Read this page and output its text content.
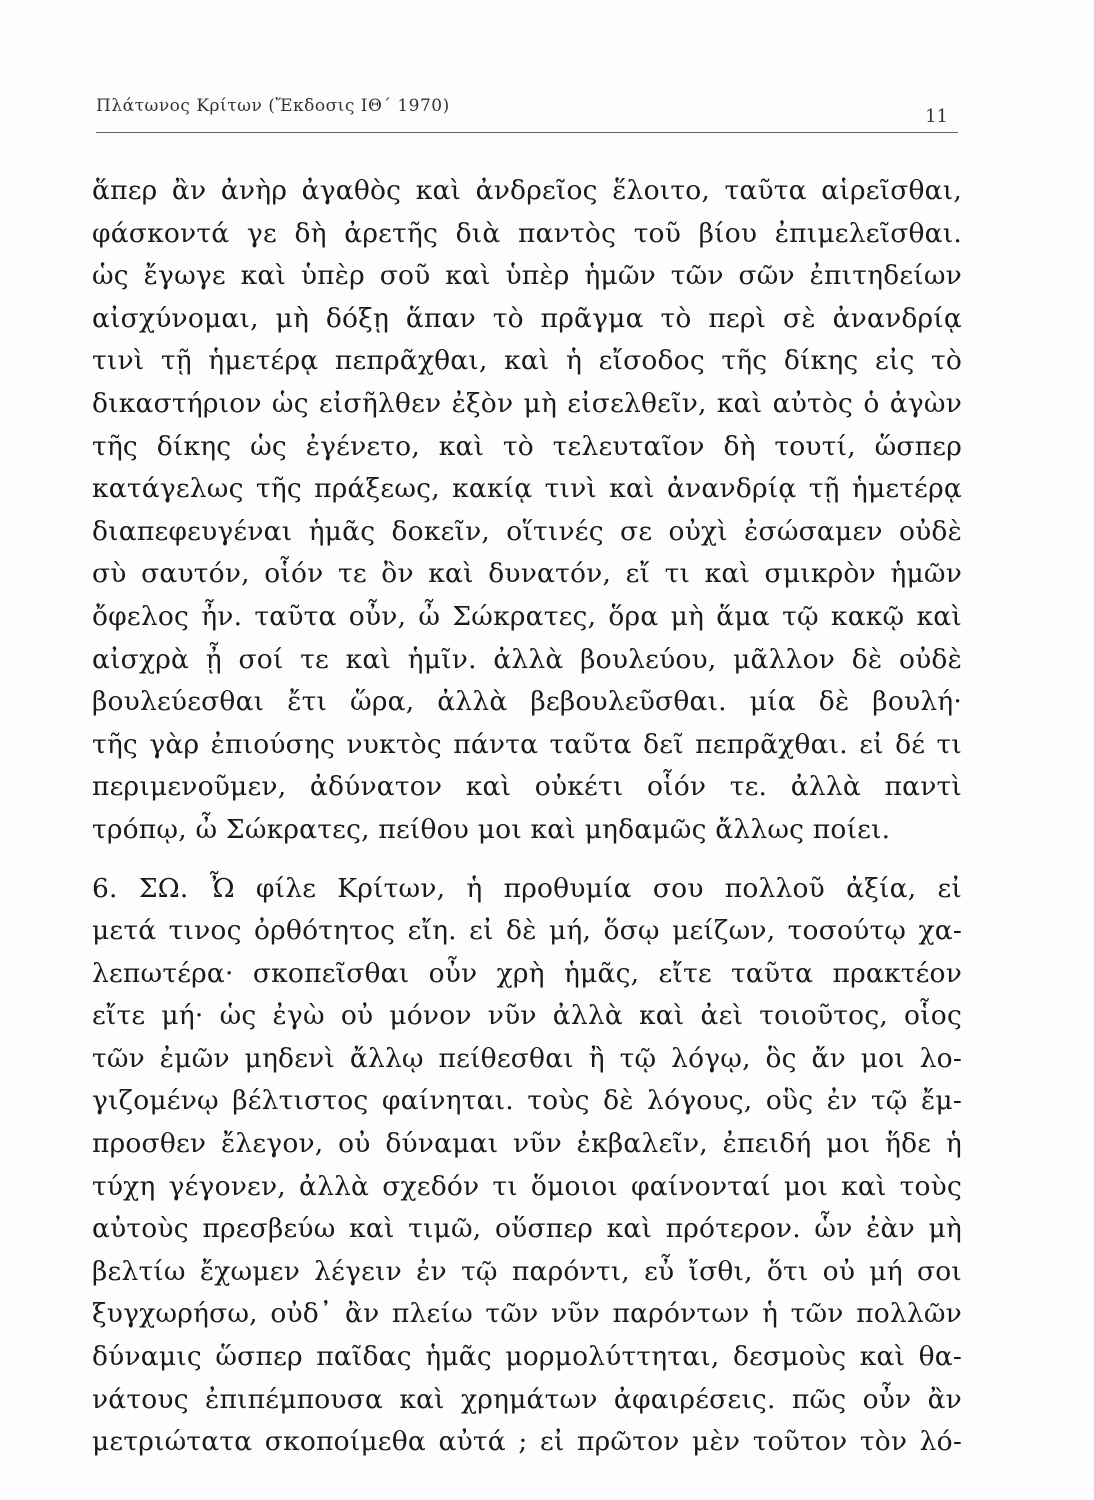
Πλάτωνος Κρίτων (Ἔκδοσις ΙΘ΄ 1970)	11
ἅπερ ἂν ἀνὴρ ἀγαθὸς καὶ ἀνδρεῖος ἕλοιτο, ταῦτα αἱρεῖσθαι,
φάσκοντά γε δὴ ἀρετῆς διὰ παντὸς τοῦ βίου ἐπιμελεῖσθαι.
ὡς ἔγωγε καὶ ὑπὲρ σοῦ καὶ ὑπὲρ ἡμῶν τῶν σῶν ἐπιτηδείων
αἰσχύνομαι, μὴ δόξῃ ἅπαν τὸ πρᾶγμα τὸ περὶ σὲ ἀνανδρίᾳ
τινὶ τῇ ἡμετέρᾳ πεπρᾶχθαι, καὶ ἡ εἴσοδος τῆς δίκης εἰς τὸ
δικαστήριον ὡς εἰσῆλθεν ἐξὸν μὴ εἰσελθεῖν, καὶ αὐτὸς ὁ ἀγὼν
τῆς δίκης ὡς ἐγένετο, καὶ τὸ τελευταῖον δὴ τουτί, ὥσπερ
κατάγελως τῆς πράξεως, κακίᾳ τινὶ καὶ ἀνανδρίᾳ τῇ ἡμετέρᾳ
διαπεφευγέναι ἡμᾶς δοκεῖν, οἵτινές σε οὐχὶ ἐσώσαμεν οὐδὲ
σὺ σαυτόν, οἷόν τε ὂν καὶ δυνατόν, εἴ τι καὶ σμικρὸν ἡμῶν
ὄφελος ἦν. ταῦτα οὖν, ὦ Σώκρατες, ὅρα μὴ ἅμα τῷ κακῷ καὶ
αἰσχρὰ ᾖ σοί τε καὶ ἡμῖν. ἀλλὰ βουλεύου, μᾶλλον δὲ οὐδὲ
βουλεύεσθαι ἔτι ὥρα, ἀλλὰ βεβουλεῦσθαι. μία δὲ βουλή·
τῆς γὰρ ἐπιούσης νυκτὸς πάντα ταῦτα δεῖ πεπρᾶχθαι. εἰ δέ τι
περιμενοῦμεν, ἀδύνατον καὶ οὐκέτι οἷόν τε. ἀλλὰ παντὶ
τρόπῳ, ὦ Σώκρατες, πείθου μοι καὶ μηδαμῶς ἄλλως ποίει.
6. ΣΩ. Ὦ φίλε Κρίτων, ἡ προθυμία σου πολλοῦ ἀξία, εἰ
μετά τινος ὀρθότητος εἴη. εἰ δὲ μή, ὅσῳ μείζων, τοσούτῳ χα-
λεπωτέρα· σκοπεῖσθαι οὖν χρὴ ἡμᾶς, εἴτε ταῦτα πρακτέον
εἴτε μή· ὡς ἐγὼ οὐ μόνον νῦν ἀλλὰ καὶ ἀεὶ τοιοῦτος, οἷος
τῶν ἐμῶν μηδενὶ ἄλλῳ πείθεσθαι ἢ τῷ λόγῳ, ὃς ἄν μοι λο-
γιζομένῳ βέλτιστος φαίνηται. τοὺς δὲ λόγους, οὓς ἐν τῷ ἔμ-
προσθεν ἔλεγον, οὐ δύναμαι νῦν ἐκβαλεῖν, ἐπειδή μοι ἥδε ἡ
τύχη γέγονεν, ἀλλὰ σχεδόν τι ὅμοιοι φαίνονταί μοι καὶ τοὺς
αὐτοὺς πρεσβεύω καὶ τιμῶ, οὕσπερ καὶ πρότερον. ὧν ἐὰν μὴ
βελτίω ἔχωμεν λέγειν ἐν τῷ παρόντι, εὖ ἴσθι, ὅτι οὐ μή σοι
ξυγχωρήσω, οὐδ᾽ ἂν πλείω τῶν νῦν παρόντων ἡ τῶν πολλῶν
δύναμις ὥσπερ παῖδας ἡμᾶς μορμολύττηται, δεσμοὺς καὶ θα-
νάτους ἐπιπέμπουσα καὶ χρημάτων ἀφαιρέσεις. πῶς οὖν ἂν
μετριώτατα σκοποίμεθα αὐτά ; εἰ πρῶτον μὲν τοῦτον τὸν λό-
